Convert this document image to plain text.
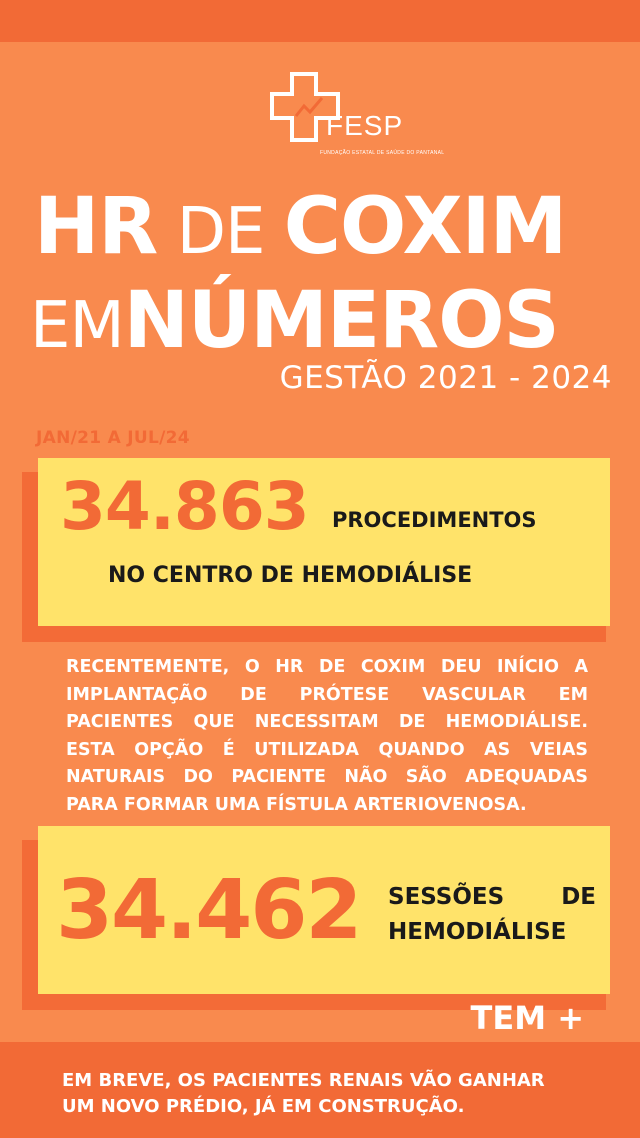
FESP
FUNDAÇÃO ESTATAL DE SAÚDE DO PANTANAL
HR DE COXIM
EMNÚMEROS
GESTÃO 2021 - 2024
JAN/21 A JUL/24
34.863 PROCEDIMENTOS
NO CENTRO DE HEMODIÁLISE
RECENTEMENTE, O HR DE COXIM DEU INÍCIO A
IMPLANTAÇÃO DE PRÓTESE VASCULAR EM
PACIENTES QUE NECESSITAM DE HEMODIÁLISE.
ESTA OPÇÃO É UTILIZADA QUANDO AS VEIAS
NATURAIS DO PACIENTE NÃO SÃO ADEQUADAS
PARA FORMAR UMA FÍSTULA ARTERIOVENOSA.
34.462 SESSÕES DE HEMODIÁLISE
TEM +
EM BREVE, OS PACIENTES RENAIS VÃO GANHAR
UM NOVO PRÉDIO, JÁ EM CONSTRUÇÃO.
